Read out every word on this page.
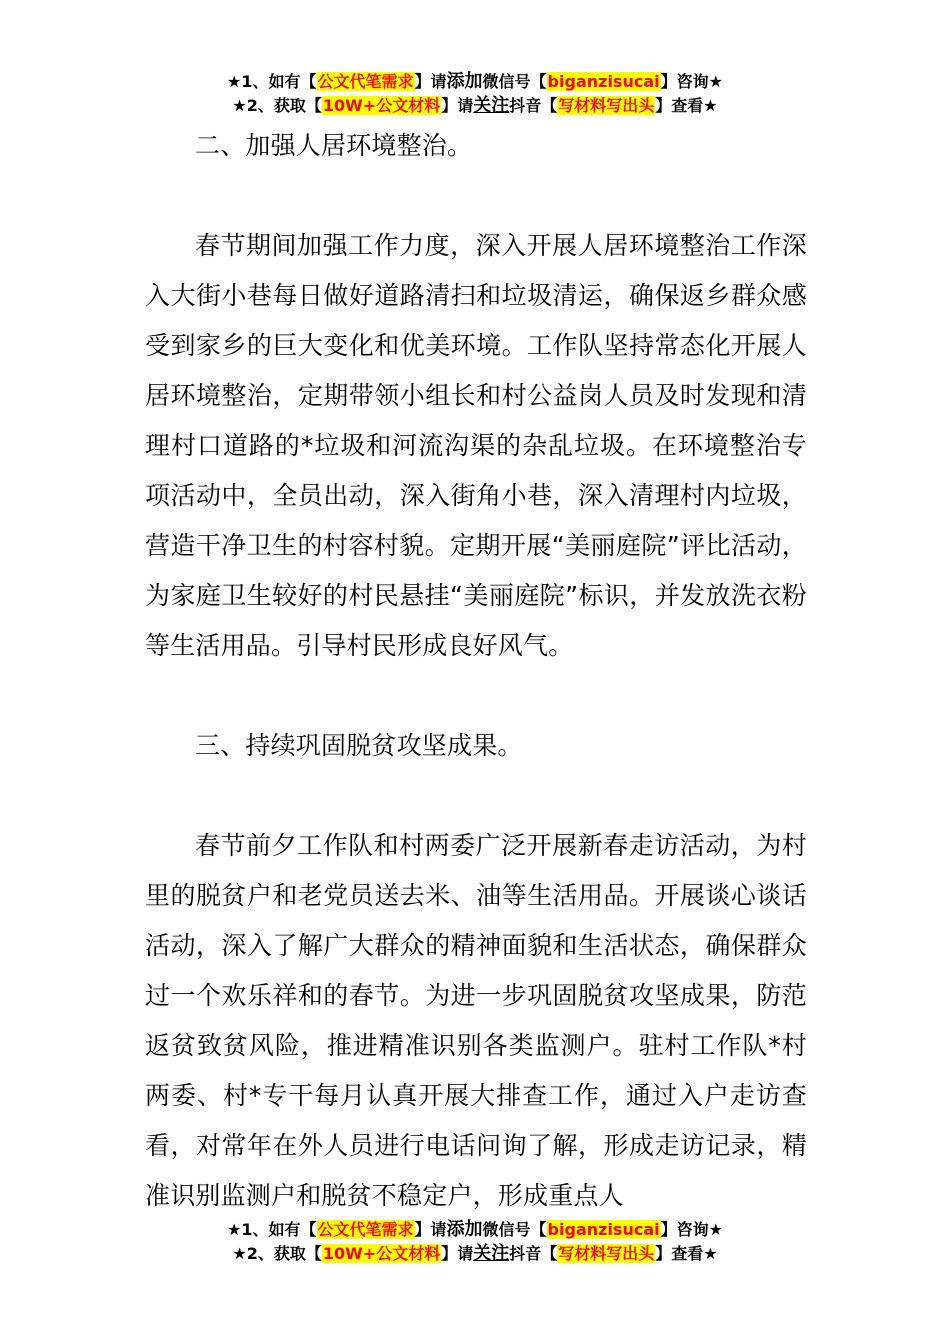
★1、如有【公文代笔需求】请添加微信号【biganzisucai】咨询★
★2、获取【10W+公文材料】请关注抖音【写材料写出头】查看★

二、加强人居环境整治。

春节期间加强工作力度，深入开展人居环境整治工作深入大街小巷每日做好道路清扫和垃圾清运，确保返乡群众感受到家乡的巨大变化和优美环境。工作队坚持常态化开展人居环境整治，定期带领小组长和村公益岗人员及时发现和清理村口道路的*垃圾和河流沟渠的杂乱垃圾。在环境整治专项活动中，全员出动，深入街角小巷，深入清理村内垃圾，营造干净卫生的村容村貌。定期开展“美丽庭院”评比活动，为家庭卫生较好的村民悬挂“美丽庭院”标识，并发放洗衣粉等生活用品。引导村民形成良好风气。

三、持续巩固脱贫攻坚成果。

春节前夕工作队和村两委广泛开展新春走访活动，为村里的脱贫户和老党员送去米、油等生活用品。开展谈心谈话活动，深入了解广大群众的精神面貌和生活状态，确保群众过一个欢乐祥和的春节。为进一步巩固脱贫攻坚成果，防范返贫致贫风险，推进精准识别各类监测户。驻村工作队*村两委、村*专干每月认真开展大排查工作，通过入户走访查看，对常年在外人员进行电话问询了解，形成走访记录，精准识别监测户和脱贫不稳定户，形成重点人

★1、如有【公文代笔需求】请添加微信号【biganzisucai】咨询★
★2、获取【10W+公文材料】请关注抖音【写材料写出头】查看★
